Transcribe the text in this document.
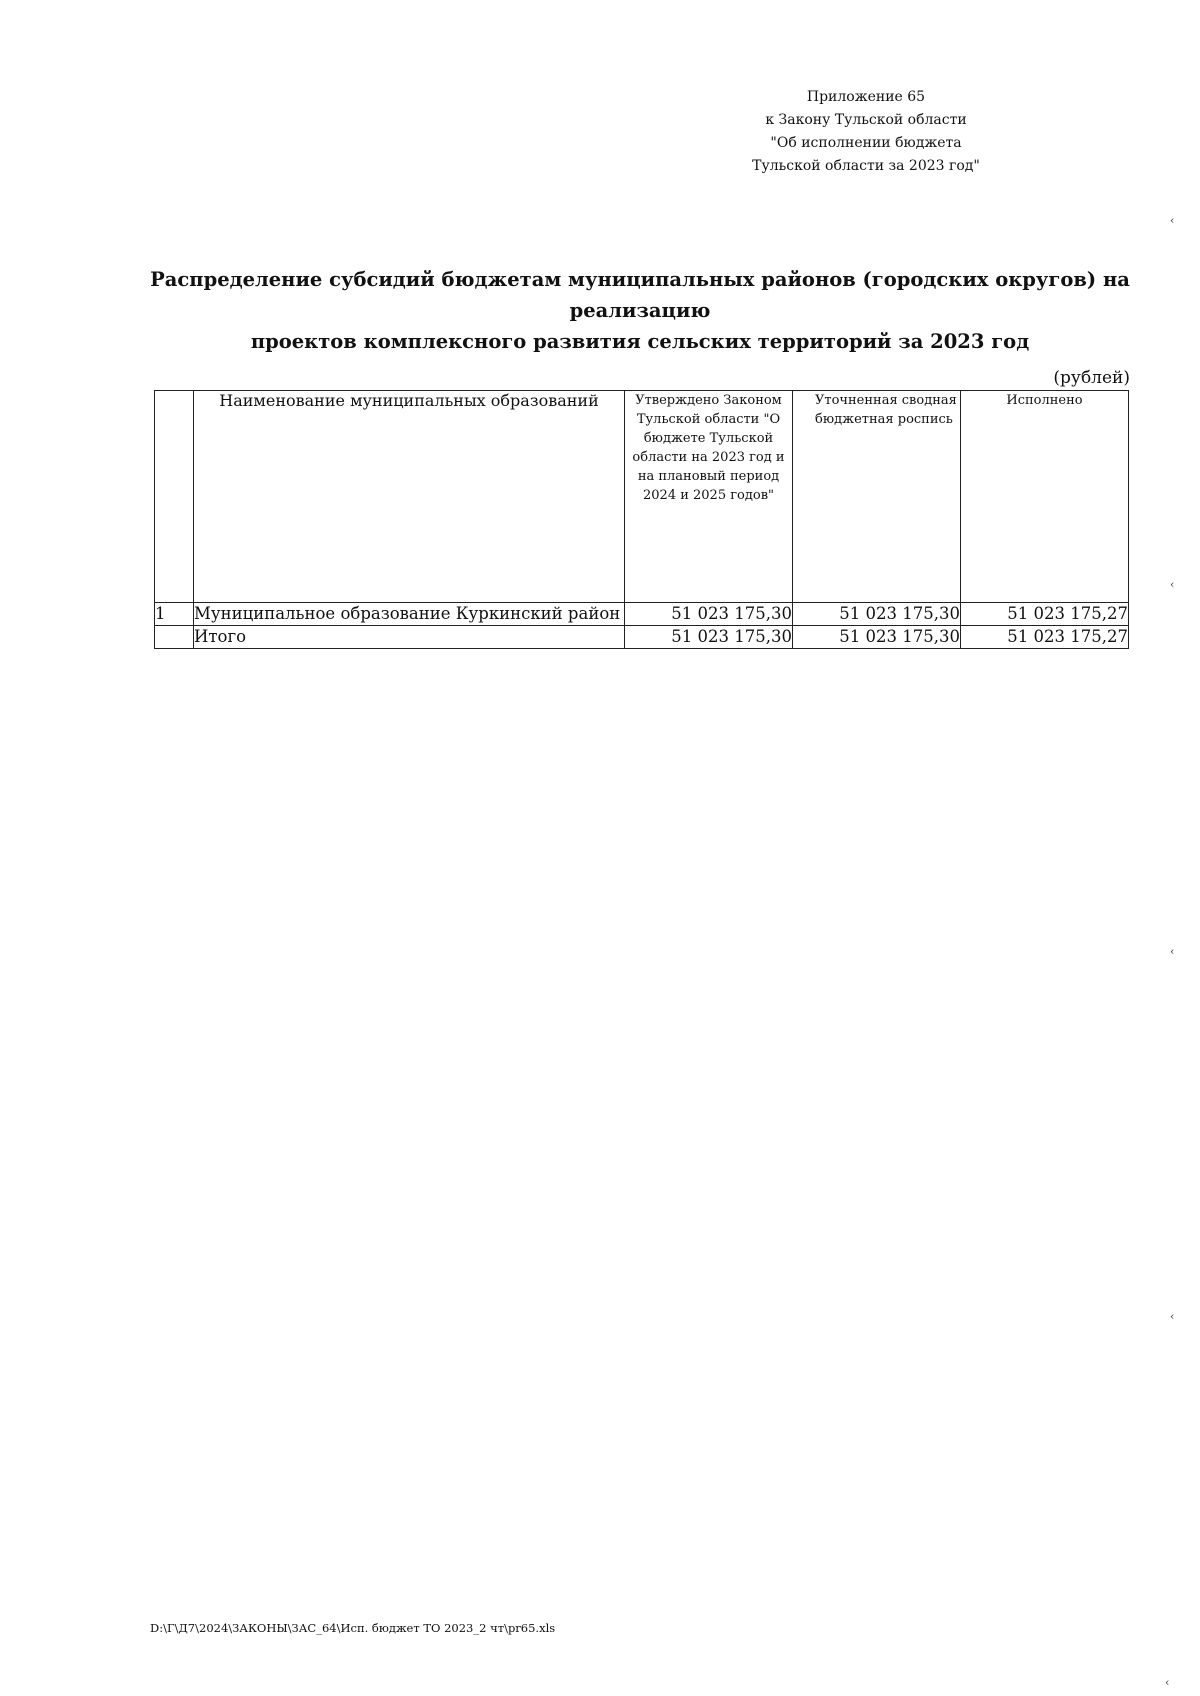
Приложение 65
к Закону Тульской области
"Об исполнении бюджета
Тульской области за 2023 год"
Распределение субсидий бюджетам муниципальных районов (городских округов) на реализацию
проектов комплексного развития сельских территорий за 2023 год
(рублей)
	Наименование муниципальных образований	Утверждено Законом Тульской области "О бюджете Тульской области на 2023 год и на плановый период 2024 и 2025 годов"	Уточненная сводная бюджетная роспись	Исполнено
1	Муниципальное образование Куркинский район	51 023 175,30	51 023 175,30	51 023 175,27
	Итого	51 023 175,30	51 023 175,30	51 023 175,27
D:\Г\Д7\2024\ЗАКОНЫ\ЗАС_64\Исп. бюджет ТО 2023_2 чт\рr65.xls
‹
‹
‹
‹
‹
